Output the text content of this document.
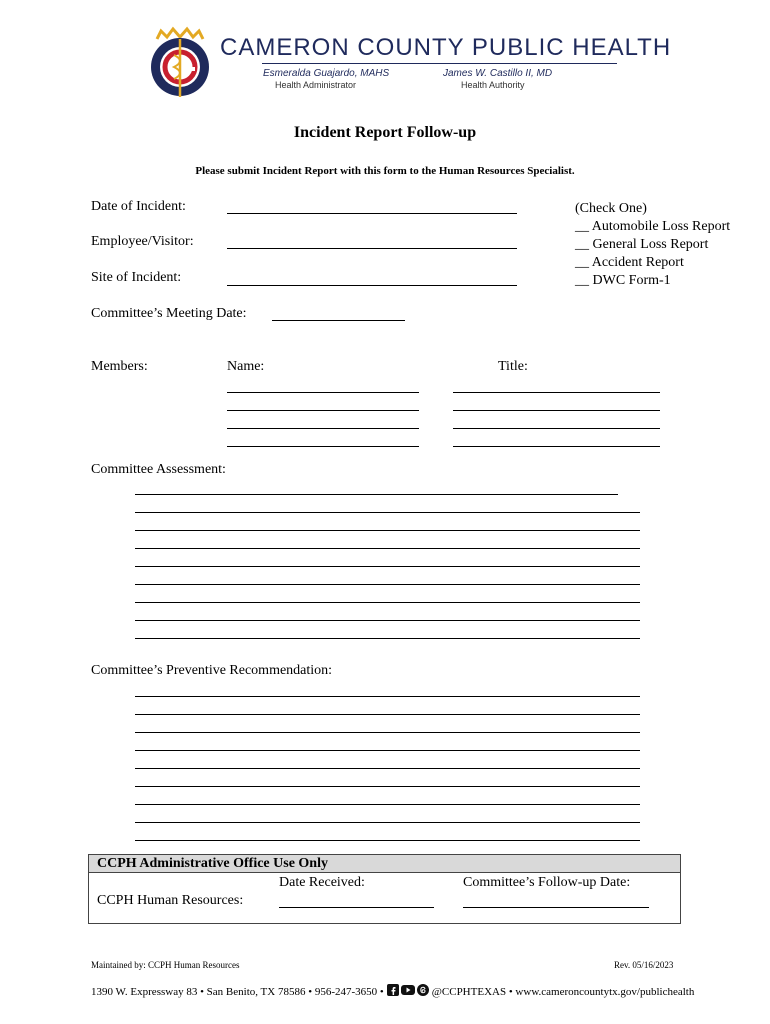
CAMERON COUNTY PUBLIC HEALTH
Esmeralda Guajardo, MAHS
Health Administrator
James W. Castillo II, MD
Health Authority
Incident Report Follow-up
Please submit Incident Report with this form to the Human Resources Specialist.
Date of Incident:
Employee/Visitor:
Site of Incident:
(Check One)
__ Automobile Loss Report
__ General Loss Report
__ Accident Report
__ DWC Form-1
Committee’s Meeting Date:
Members:	Name:	Title:
Committee Assessment:
Committee’s Preventive Recommendation:
CCPH Administrative Office Use Only
Date Received:	Committee’s Follow-up Date:
CCPH Human Resources:
Maintained by: CCPH Human Resources	Rev. 05/16/2023
1390 W. Expressway 83 • San Benito, TX 78586 • 956-247-3650 •	@CCPHTEXAS • www.cameroncountytx.gov/publichealth
